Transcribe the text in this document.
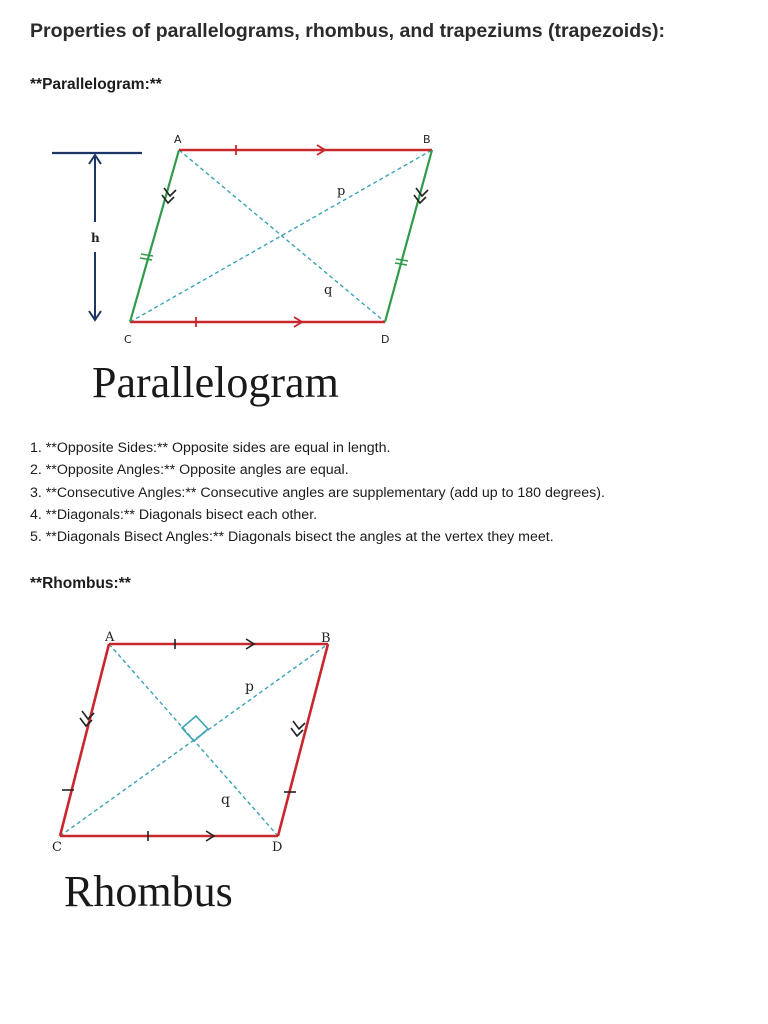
Properties of parallelograms, rhombus, and trapeziums (trapezoids):
**Parallelogram:**
h
A	B
C	D
p
q
Parallelogram
1. **Opposite Sides:** Opposite sides are equal in length.
2. **Opposite Angles:** Opposite angles are equal.
3. **Consecutive Angles:** Consecutive angles are supplementary (add up to 180 degrees).
4. **Diagonals:** Diagonals bisect each other.
5. **Diagonals Bisect Angles:** Diagonals bisect the angles at the vertex they meet.
**Rhombus:**
A	B
C	D
p
q
Rhombus
